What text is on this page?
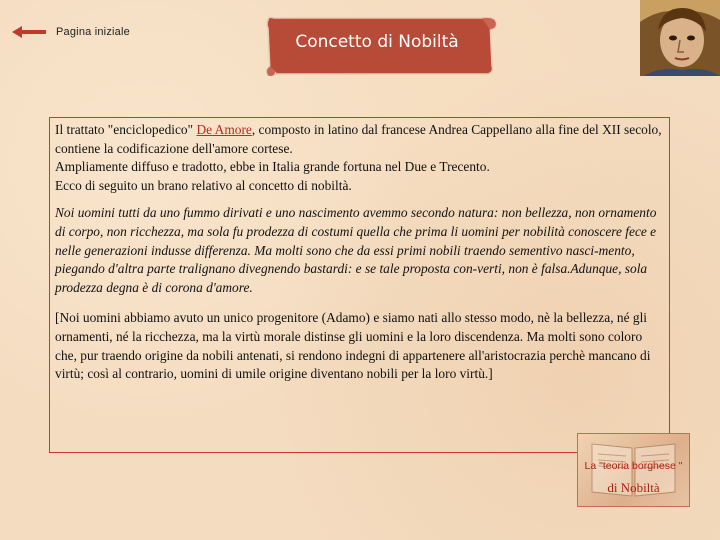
Pagina iniziale	Concetto di Nobiltà

Il trattato "enciclopedico" De Amore, composto in latino dal francese Andrea Cappellano alla fine del XII secolo, contiene la codificazione dell'amore cortese.
Ampliamente diffuso e tradotto, ebbe in Italia grande fortuna nel Due e Trecento.
Ecco di seguito un brano relativo al concetto di nobiltà.

Noi uomini tutti da uno fummo dirivati e uno nascimento avemmo secondo natura: non bellezza, non ornamento di corpo, non ricchezza, ma sola fu prodezza di costumi quella che prima li uomini per nobilità conoscere fece e nelle generazioni indusse differenza. Ma molti sono che da essi primi nobili traendo sementivo nasci-mento, piegando d'altra parte tralignano divegnendo bastardi: e se tale proposta con-verti, non è falsa.Adunque, sola prodezza degna è di corona d'amore.

[Noi uomini abbiamo avuto un unico progenitore (Adamo) e siamo nati allo stesso modo, nè la bellezza, né gli ornamenti, né la ricchezza, ma la virtù morale distinse gli uomini e la loro discendenza. Ma molti sono coloro che, pur traendo origine da nobili antenati, si rendono indegni di appartenere all'aristocrazia perchè mancano di virtù; così al contrario, uomini di umile origine diventano nobili per la loro virtù.]

La "teoria borghese "
di Nobiltà
